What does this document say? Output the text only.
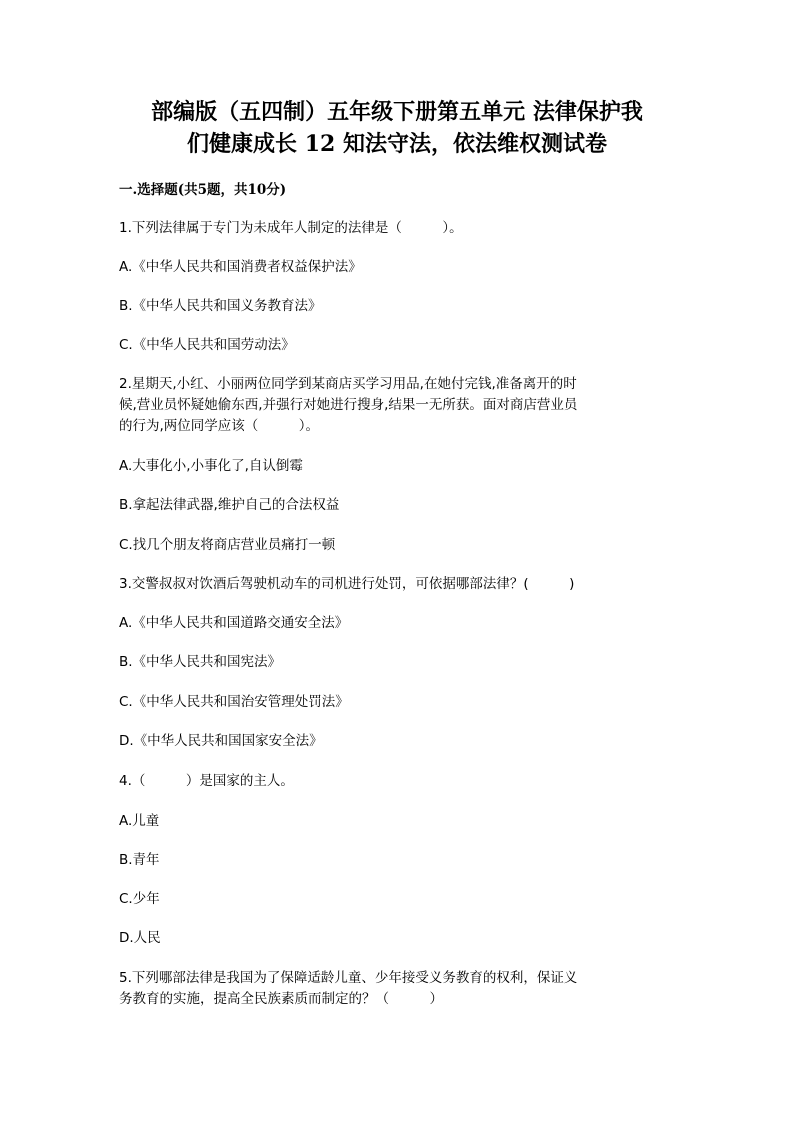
部编版（五四制）五年级下册第五单元 法律保护我
们健康成长 12 知法守法，依法维权测试卷
一.选择题(共5题，共10分)
1.下列法律属于专门为未成年人制定的法律是（　　　）。
A.《中华人民共和国消费者权益保护法》
B.《中华人民共和国义务教育法》
C.《中华人民共和国劳动法》
2.星期天,小红、小丽两位同学到某商店买学习用品,在她付完钱,准备离开的时
候,营业员怀疑她偷东西,并强行对她进行搜身,结果一无所获。面对商店营业员
的行为,两位同学应该（　　　）。
A.大事化小,小事化了,自认倒霉
B.拿起法律武器,维护自己的合法权益
C.找几个朋友将商店营业员痛打一顿
3.交警叔叔对饮酒后驾驶机动车的司机进行处罚，可依据哪部法律？(　　　)
A.《中华人民共和国道路交通安全法》
B.《中华人民共和国宪法》
C.《中华人民共和国治安管理处罚法》
D.《中华人民共和国国家安全法》
4.（　　　）是国家的主人。
A.儿童
B.青年
C.少年
D.人民
5.下列哪部法律是我国为了保障适龄儿童、少年接受义务教育的权利，保证义
务教育的实施，提高全民族素质而制定的？（　　　）
